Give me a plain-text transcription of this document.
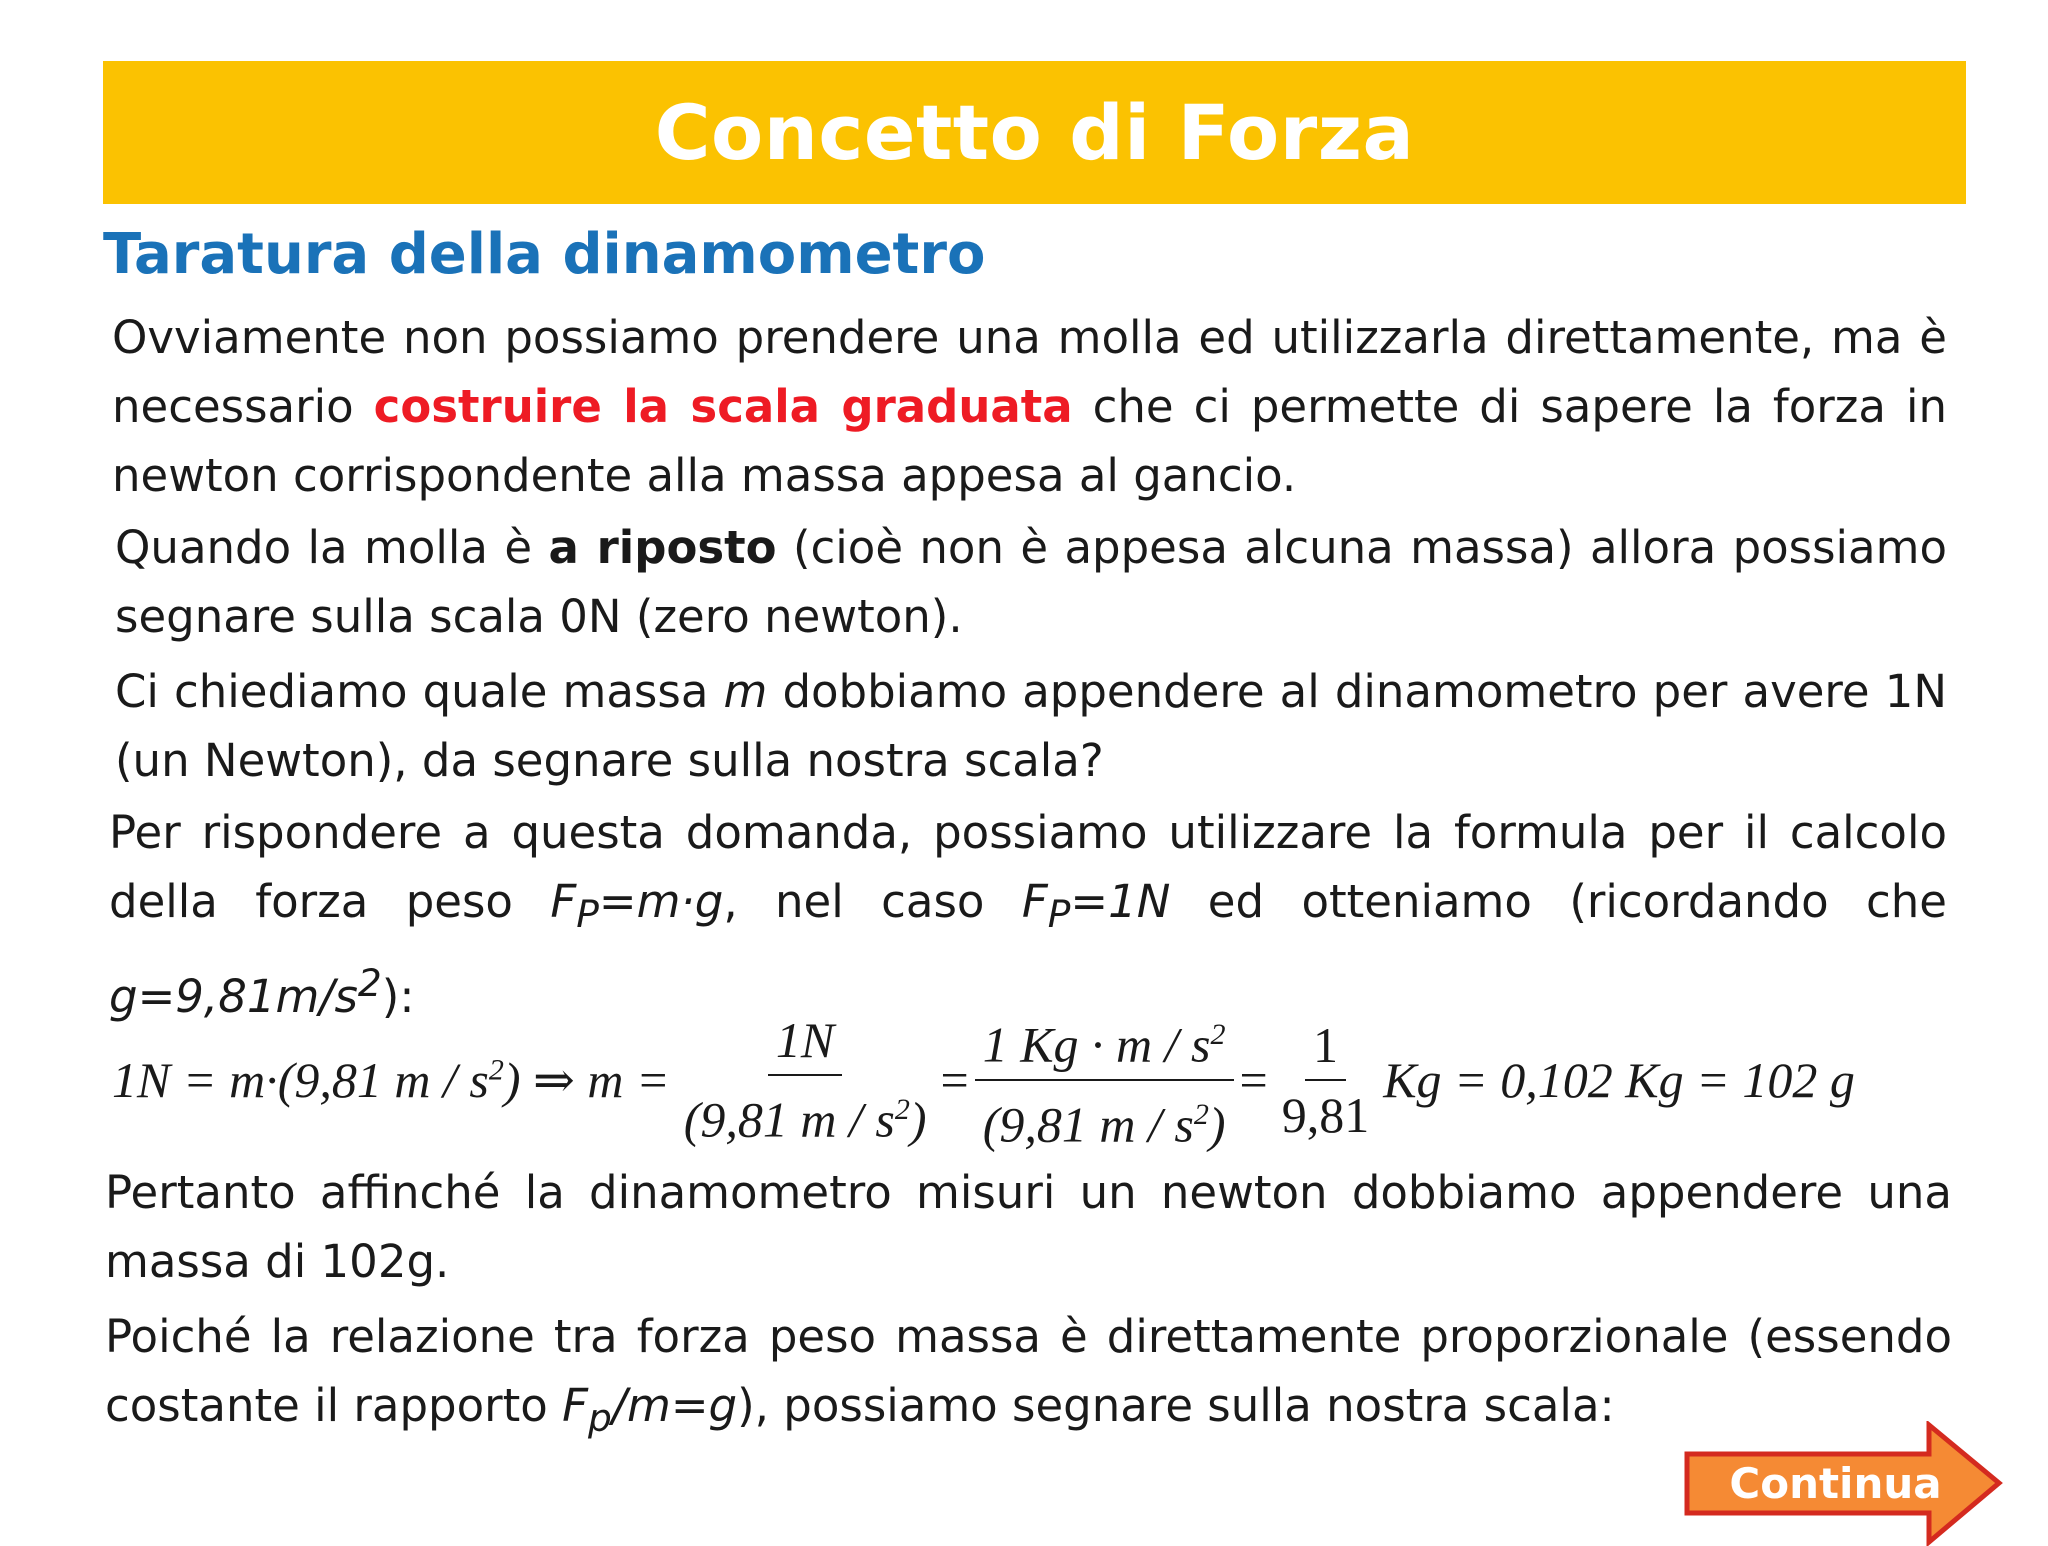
Concetto di Forza
Taratura della dinamometro

Ovviamente non possiamo prendere una molla ed utilizzarla direttamente, ma è necessario costruire la scala graduata che ci permette di sapere la forza in newton corrispondente alla massa appesa al gancio.

Quando la molla è a riposto (cioè non è appesa alcuna massa) allora possiamo segnare sulla scala 0N (zero newton).

Ci chiediamo quale massa m dobbiamo appendere al dinamometro per avere 1N (un Newton), da segnare sulla nostra scala?

Per rispondere a questa domanda, possiamo utilizzare la formula per il calcolo della forza peso $F_P=m\cdot g$, nel caso $F_P=1N$ ed otteniamo (ricordando che $g=9,81m/s^2$):

1N = m·(9,81 m / $s^2$) ⇒ $m = \frac{1N}{(9,81 m / s^2)} = \frac{1 Kg \cdot m / s^2}{(9,81 m / s^2)} = \frac{1}{9,81}$ Kg = 0,102 Kg = 102 g

Pertanto affinché la dinamometro misuri un newton dobbiamo appendere una massa di 102g.

Poiché la relazione tra forza peso massa è direttamente proporzionale (essendo costante il rapporto $F_p/m=g$), possiamo segnare sulla nostra scala:

Continua
